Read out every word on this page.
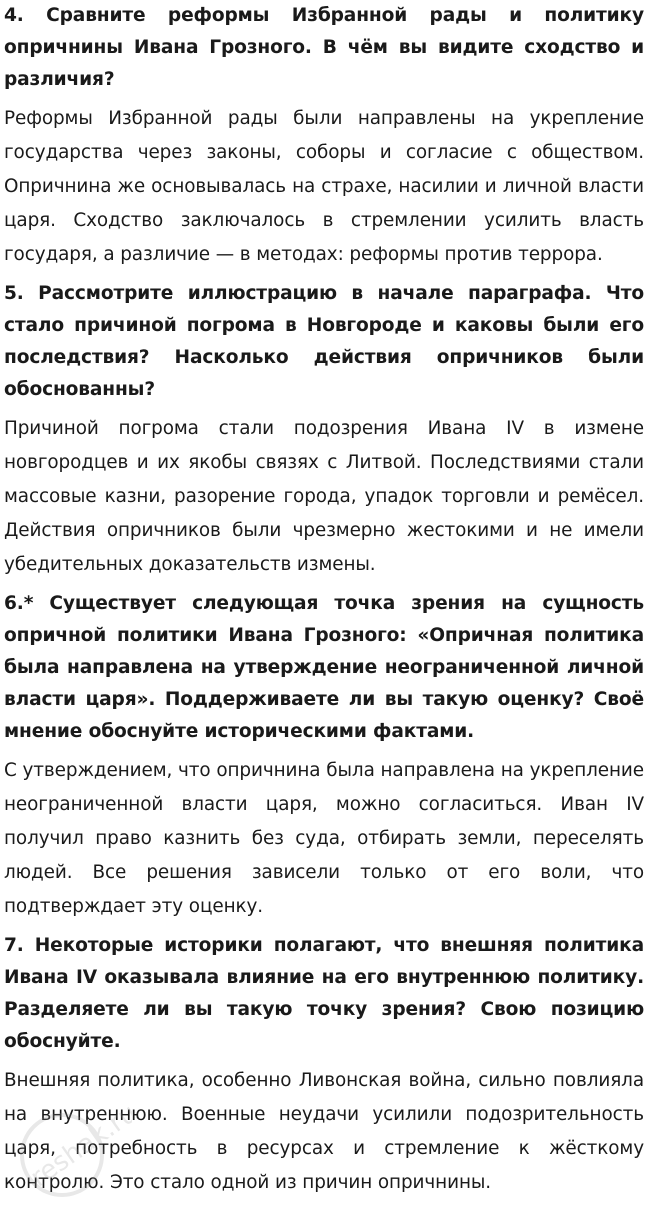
4. Сравните реформы Избранной рады и политику опричнины Ивана Грозного. В чём вы видите сходство и различия?
Реформы Избранной рады были направлены на укрепление государства через законы, соборы и согласие с обществом. Опричнина же основывалась на страхе, насилии и личной власти царя. Сходство заключалось в стремлении усилить власть государя, а различие — в методах: реформы против террора.
5. Рассмотрите иллюстрацию в начале параграфа. Что стало причиной погрома в Новгороде и каковы были его последствия? Насколько действия опричников были обоснованны?
Причиной погрома стали подозрения Ивана IV в измене новгородцев и их якобы связях с Литвой. Последствиями стали массовые казни, разорение города, упадок торговли и ремёсел. Действия опричников были чрезмерно жестокими и не имели убедительных доказательств измены.
6.* Существует следующая точка зрения на сущность опричной политики Ивана Грозного: «Опричная политика была направлена на утверждение неограниченной личной власти царя». Поддерживаете ли вы такую оценку? Своё мнение обоснуйте историческими фактами.
С утверждением, что опричнина была направлена на укрепление неограниченной власти царя, можно согласиться. Иван IV получил право казнить без суда, отбирать земли, переселять людей. Все решения зависели только от его воли, что подтверждает эту оценку.
7. Некоторые историки полагают, что внешняя политика Ивана IV оказывала влияние на его внутреннюю политику. Разделяете ли вы такую точку зрения? Свою позицию обоснуйте.
Внешняя политика, особенно Ливонская война, сильно повлияла на внутреннюю. Военные неудачи усилили подозрительность царя, потребность в ресурсах и стремление к жёсткому контролю. Это стало одной из причин опричнины.
reshak.ru
